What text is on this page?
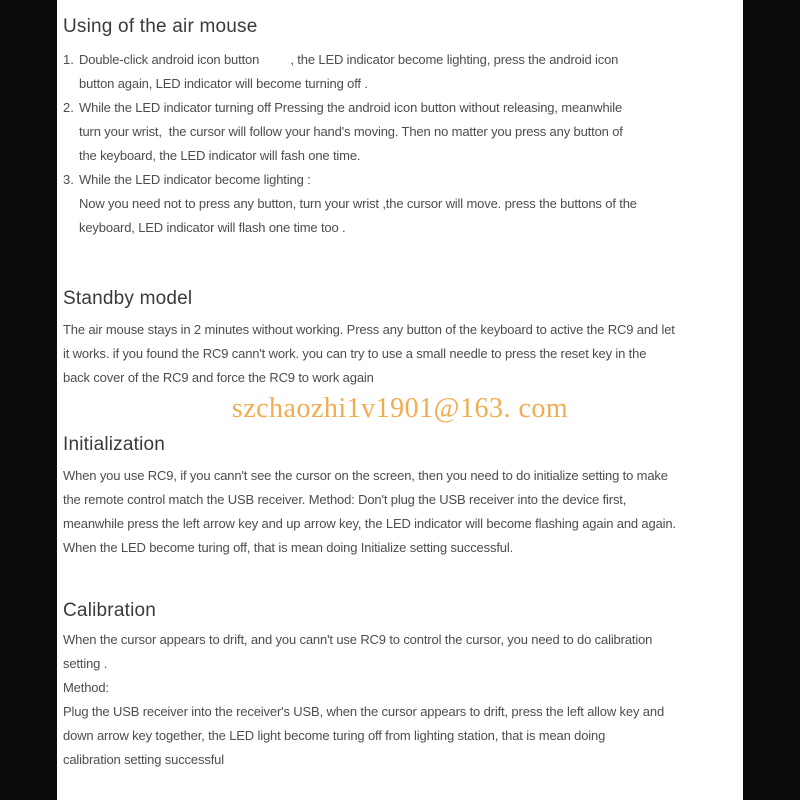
Using of the air mouse
1. Double-click android icon button         , the LED indicator become lighting, press the android icon
button again, LED indicator will become turning off .
2. While the LED indicator turning off Pressing the android icon button without releasing, meanwhile
turn your wrist,  the cursor will follow your hand's moving. Then no matter you press any button of
the keyboard, the LED indicator will fash one time.
3. While the LED indicator become lighting :
Now you need not to press any button, turn your wrist ,the cursor will move. press the buttons of the
keyboard, LED indicator will flash one time too .
Standby model
The air mouse stays in 2 minutes without working. Press any button of the keyboard to active the RC9 and let
it works. if you found the RC9 cann't work. you can try to use a small needle to press the reset key in the
back cover of the RC9 and force the RC9 to work again
Initialization
When you use RC9, if you cann't see the cursor on the screen, then you need to do initialize setting to make
the remote control match the USB receiver. Method: Don't plug the USB receiver into the device first,
meanwhile press the left arrow key and up arrow key, the LED indicator will become flashing again and again.
When the LED become turing off, that is mean doing Initialize setting successful.
Calibration
When the cursor appears to drift, and you cann't use RC9 to control the cursor, you need to do calibration
setting .
Method:
Plug the USB receiver into the receiver's USB, when the cursor appears to drift, press the left allow key and
down arrow key together, the LED light become turing off from lighting station, that is mean doing
calibration setting successful
szchaozhi1v1901@163. com
